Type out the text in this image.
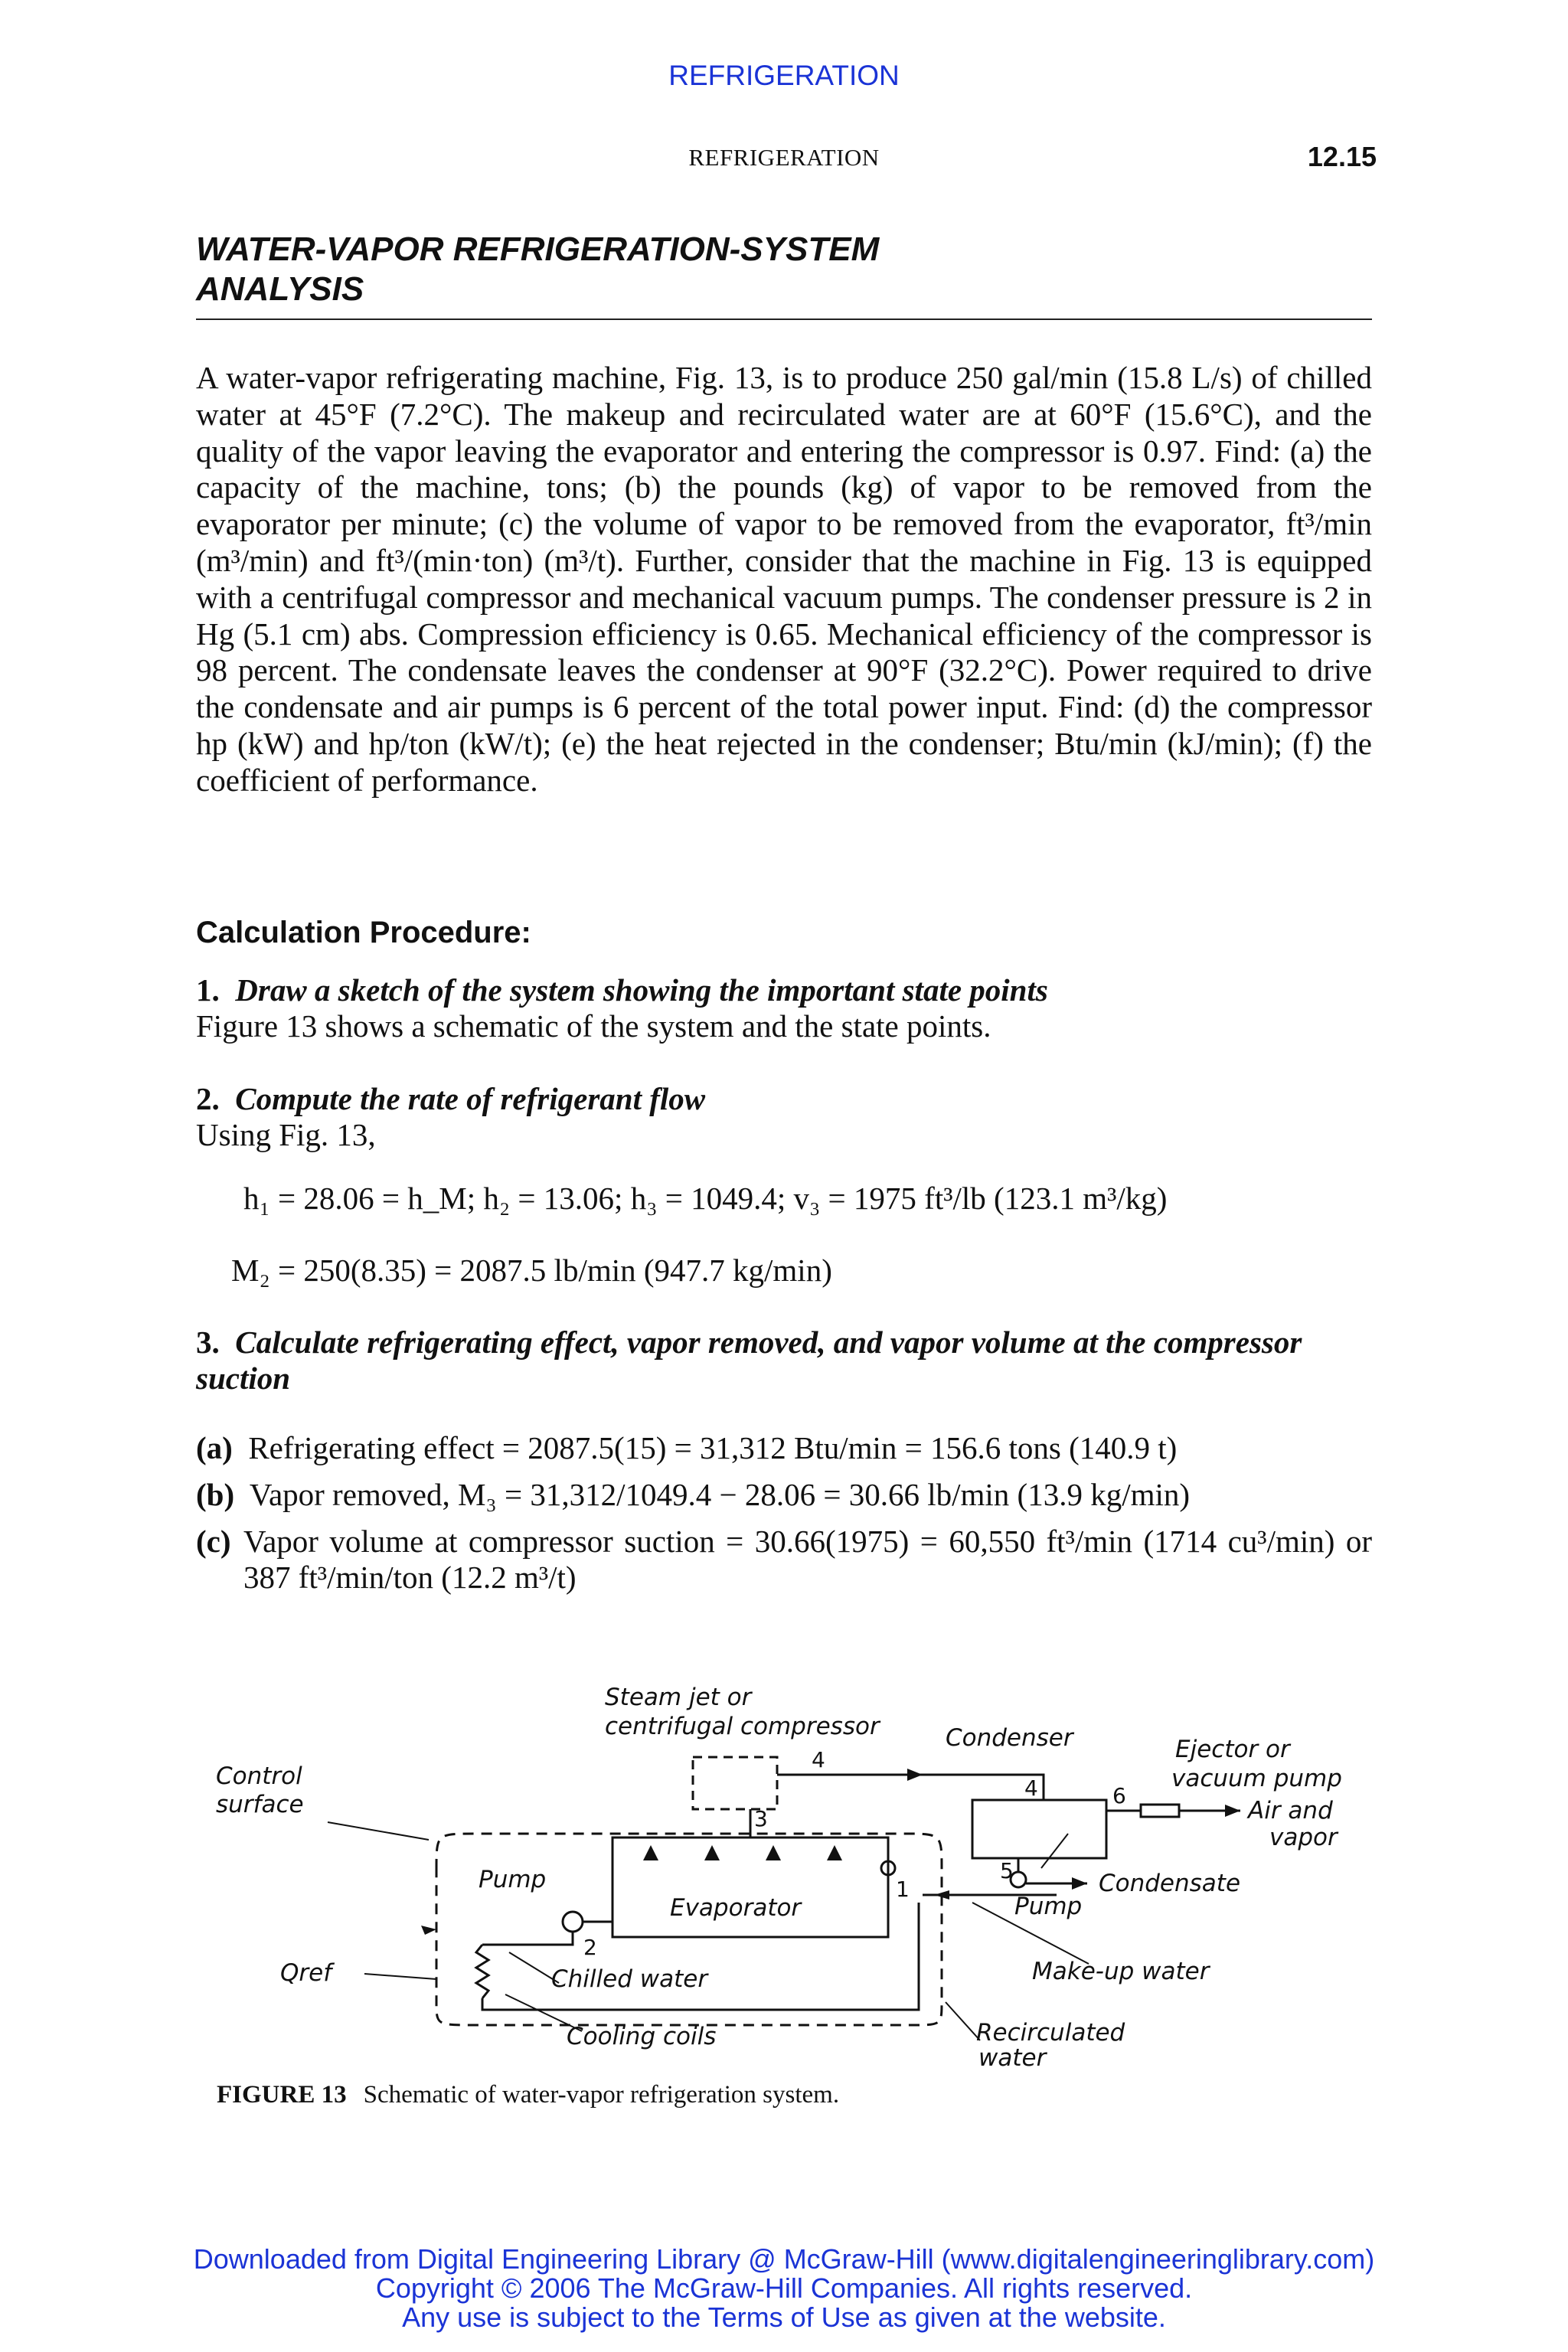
REFRIGERATION
REFRIGERATION	12.15
WATER-VAPOR REFRIGERATION-SYSTEM
ANALYSIS
A water-vapor refrigerating machine, Fig. 13, is to produce 250 gal/min (15.8 L/s) of chilled water at 45°F (7.2°C). The makeup and recirculated water are at 60°F (15.6°C), and the quality of the vapor leaving the evaporator and entering the compressor is 0.97. Find: (a) the capacity of the machine, tons; (b) the pounds (kg) of vapor to be removed from the evaporator per minute; (c) the volume of vapor to be removed from the evaporator, ft³/min (m³/min) and ft³/(min·ton) (m³/t). Further, consider that the machine in Fig. 13 is equipped with a centrifugal compressor and mechanical vacuum pumps. The condenser pressure is 2 in Hg (5.1 cm) abs. Compression efficiency is 0.65. Mechanical efficiency of the compressor is 98 percent. The condensate leaves the condenser at 90°F (32.2°C). Power required to drive the condensate and air pumps is 6 percent of the total power input. Find: (d) the compressor hp (kW) and hp/ton (kW/t); (e) the heat rejected in the condenser; Btu/min (kJ/min); (f) the coefficient of performance.
Calculation Procedure:
1. Draw a sketch of the system showing the important state points
Figure 13 shows a schematic of the system and the state points.
2. Compute the rate of refrigerant flow
Using Fig. 13,
h₁ = 28.06 = h_M; h₂ = 13.06; h₃ = 1049.4; v₃ = 1975 ft³/lb (123.1 m³/kg)
M₂ = 250(8.35) = 2087.5 lb/min (947.7 kg/min)
3. Calculate refrigerating effect, vapor removed, and vapor volume at the compressor suction
(a) Refrigerating effect = 2087.5(15) = 31,312 Btu/min = 156.6 tons (140.9 t)
(b) Vapor removed, M₃ = 31,312/1049.4 − 28.06 = 30.66 lb/min (13.9 kg/min)
(c) Vapor volume at compressor suction = 30.66(1975) = 60,550 ft³/min (1714 cu³/min) or 387 ft³/min/ton (12.2 m³/t)
Steam jet or
centrifugal compressor	Condenser	Ejector or
vacuum pump
Air and
vapor
Control
surface
Pump
Evaporator
Condensate
Pump
Qref	Chilled water	Make-up water
Cooling coils	Recirculated
water
1
2
3
4
4
5
6
FIGURE 13 Schematic of water-vapor refrigeration system.
Downloaded from Digital Engineering Library @ McGraw-Hill (www.digitalengineeringlibrary.com)
Copyright © 2006 The McGraw-Hill Companies. All rights reserved.
Any use is subject to the Terms of Use as given at the website.
